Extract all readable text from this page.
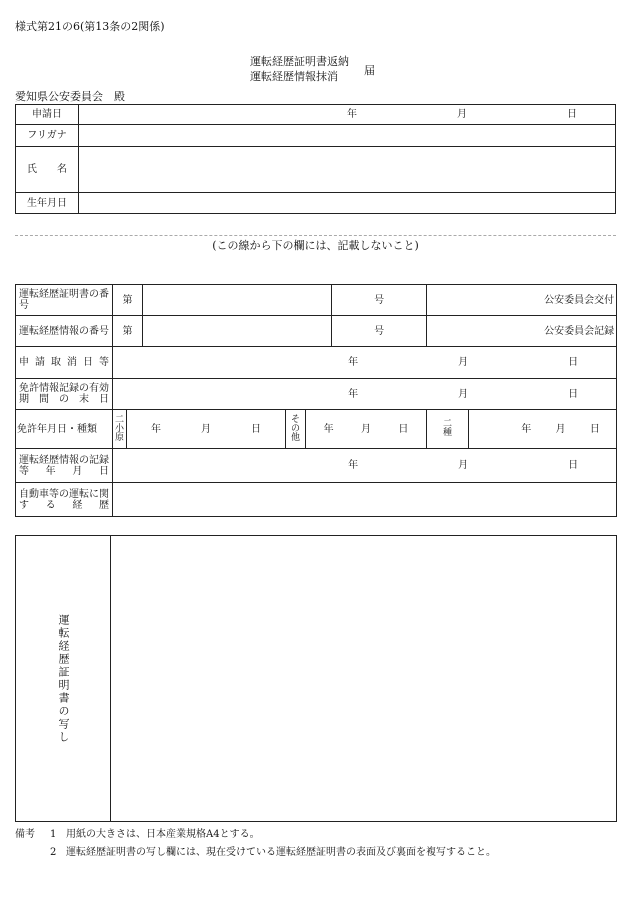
様式第21の6(第13条の2関係)
運転経歴証明書返納
運転経歴情報抹消	届
愛知県公安委員会　殿
申請日	年 月 日

フリガナ	
氏　　名	
生年月日	
(この線から下の欄には、記載しないこと)
運転経歴証明書の番号	第					号	公安委員会交付	
運転経歴情報の番号	第					号	公安委員会記録	
申請取消日等	年 月 日							

免許情報記録の有効期間の末日	年 月 日							

免許年月日・種類	二小原	年 月 日		その他	年 月 日		二種	年 月 日

運転経歴情報の記録等年月日	年 月 日							

自動車等の運転に関する経歴								
運転経歴証明書の写し
備考	1 用紙の大きさは、日本産業規格A4とする。
2 運転経歴証明書の写し欄には、現在受けている運転経歴証明書の表面及び裏面を複写すること。
